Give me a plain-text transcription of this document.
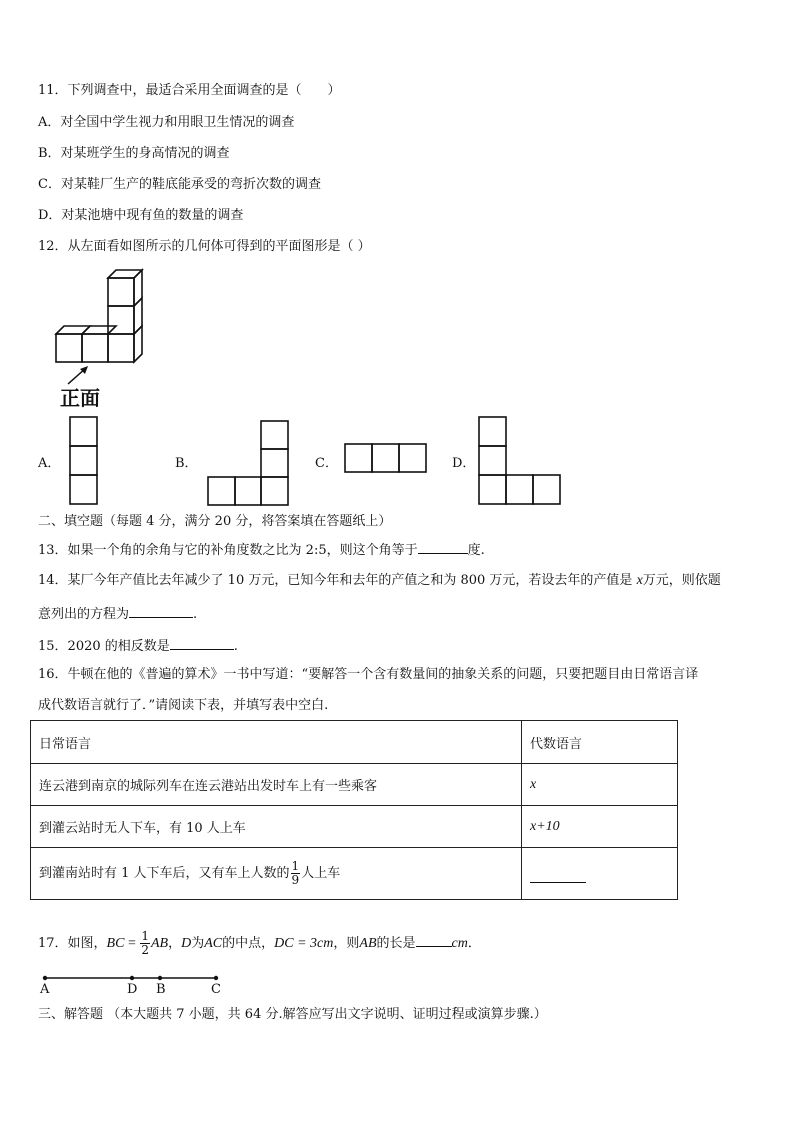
11．下列调查中，最适合采用全面调查的是（　　）
A．对全国中学生视力和用眼卫生情况的调查
B．对某班学生的身高情况的调查
C．对某鞋厂生产的鞋底能承受的弯折次数的调查
D．对某池塘中现有鱼的数量的调查
12．从左面看如图所示的几何体可得到的平面图形是（ ）
正面
A．	B．	C．	D．
二、填空题（每题 4 分，满分 20 分，将答案填在答题纸上）
13．如果一个角的余角与它的补角度数之比为 2:5，则这个角等于	度.
14．某厂今年产值比去年减少了 10 万元，已知今年和去年的产值之和为 800 万元，若设去年的产值是 x万元，则依题
意列出的方程为	.
15．2020 的相反数是	.
16．牛顿在他的《普遍的算术》一书中写道：“要解答一个含有数量间的抽象关系的问题，只要把题目由日常语言译
成代数语言就行了．”请阅读下表，并填写表中空白.
日常语言	代数语言
连云港到南京的城际列车在连云港站出发时车上有一些乘客	x
到灌云站时无人下车，有 10 人上车	x+10
到灌南站时有 1 人下车后，又有车上人数的 $\frac{1}{9}$ 人上车	
17．如图，BC = $\frac{1}{2}$ AB，D为AC的中点，DC = 3cm，则AB的长是	cm．
A	D B	C
三、解答题 （本大题共 7 小题，共 64 分.解答应写出文字说明、证明过程或演算步骤.）
